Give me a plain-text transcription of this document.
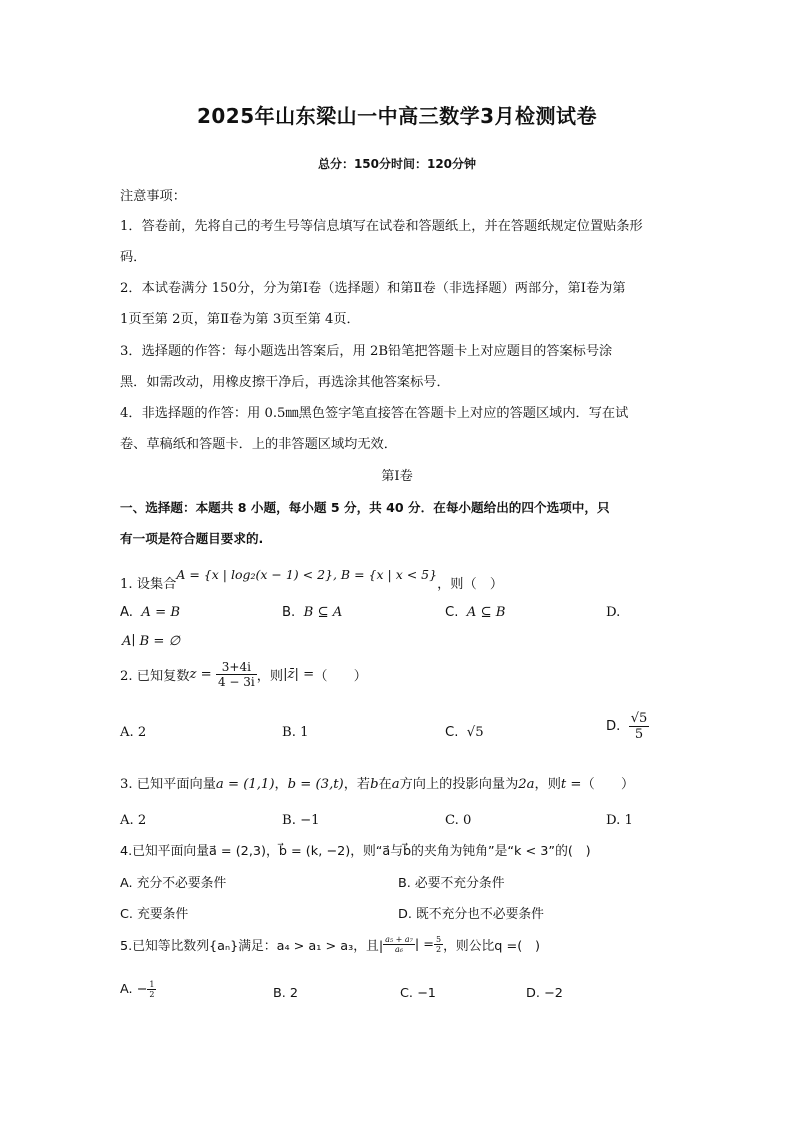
2025年山东梁山一中高三数学3月检测试卷
总分：150分时间：120分钟
注意事项：
1．答卷前，先将自己的考生号等信息填写在试卷和答题纸上，并在答题纸规定位置贴条形
码．
2．本试卷满分 150分，分为第Ⅰ卷（选择题）和第Ⅱ卷（非选择题）两部分，第Ⅰ卷为第
1页至第 2页，第Ⅱ卷为第 3页至第 4页．
3．选择题的作答：每小题选出答案后，用 2B铅笔把答题卡上对应题目的答案标号涂
黑．如需改动，用橡皮擦干净后，再选涂其他答案标号．
4．非选择题的作答：用 0.5㎜黑色签字笔直接答在答题卡上对应的答题区域内．写在试
卷、草稿纸和答题卡．上的非答题区域均无效．
第Ⅰ卷
一、选择题：本题共 8 小题，每小题 5 分，共 40 分．在每小题给出的四个选项中，只
有一项是符合题目要求的.
1. 设集合A = {x | log₂(x − 1) < 2}, B = {x | x < 5}，则（　）
A. A = B	B. B ⊆ A	C. A ⊆ B	D.
A∣ B = ∅
2. 已知复数$z = \frac{3+4i}{4 - 3i}$ ，则|z̄| =（　　）
A. 2	B. 1	C. √5	D. $\frac{√5}{5}$
3. 已知平面向量a = (1,1)，b = (3,t)，若b在a方向上的投影向量为2a，则t =（　　）
A. 2	B. −1	C. 0	D. 1
4.已知平面向量a⃗ = (2,3)，b⃗ = (k, −2)，则“a⃗与b⃗的夹角为钝角”是“k < 3”的(　)
A. 充分不必要条件	B. 必要不充分条件
C. 充要条件	D. 既不充分也不必要条件
5.已知等比数列{aₙ}满足：a₄ > a₁ > a₃，且| $\frac{\text{a₅ + a₇}}{\text{a₆}}$ | = $\frac{5}{2}$ ，则公比q =(　)
A. − $\frac{1}{2}$	B. 2	C. −1	D. −2
